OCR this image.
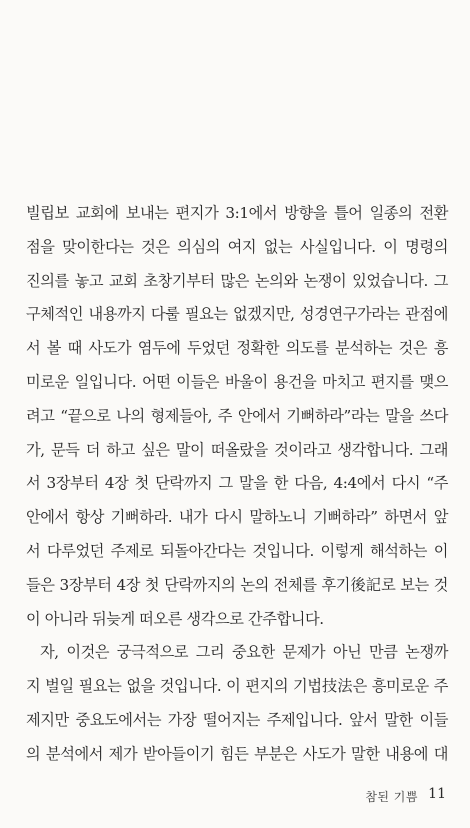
빌립보 교회에 보내는 편지가 3:1에서 방향을 틀어 일종의 전환
점을 맞이한다는 것은 의심의 여지 없는 사실입니다. 이 명령의
진의를 놓고 교회 초창기부터 많은 논의와 논쟁이 있었습니다. 그
구체적인 내용까지 다룰 필요는 없겠지만, 성경연구가라는 관점에
서 볼 때 사도가 염두에 두었던 정확한 의도를 분석하는 것은 흥
미로운 일입니다. 어떤 이들은 바울이 용건을 마치고 편지를 맺으
려고 “끝으로 나의 형제들아, 주 안에서 기뻐하라”라는 말을 쓰다
가, 문득 더 하고 싶은 말이 떠올랐을 것이라고 생각합니다. 그래
서 3장부터 4장 첫 단락까지 그 말을 한 다음, 4:4에서 다시 “주
안에서 항상 기뻐하라. 내가 다시 말하노니 기뻐하라” 하면서 앞
서 다루었던 주제로 되돌아간다는 것입니다. 이렇게 해석하는 이
들은 3장부터 4장 첫 단락까지의 논의 전체를 후기後記로 보는 것
이 아니라 뒤늦게 떠오른 생각으로 간주합니다.
자, 이것은 궁극적으로 그리 중요한 문제가 아닌 만큼 논쟁까
지 벌일 필요는 없을 것입니다. 이 편지의 기법技法은 흥미로운 주
제지만 중요도에서는 가장 떨어지는 주제입니다. 앞서 말한 이들
의 분석에서 제가 받아들이기 힘든 부분은 사도가 말한 내용에 대
참된 기쁨 11
